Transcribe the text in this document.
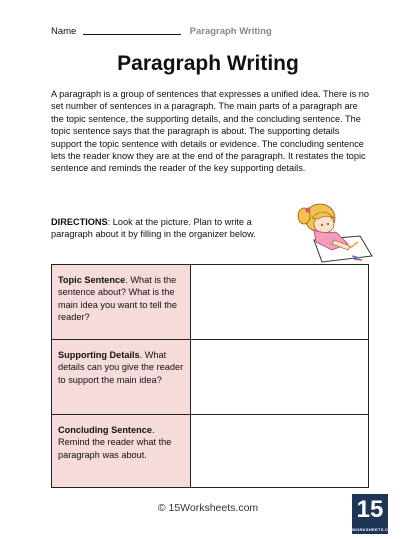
Name	Paragraph Writing
Paragraph Writing
A paragraph is a group of sentences that expresses a unified idea. There is no set number of sentences in a paragraph. The main parts of a paragraph are the topic sentence, the supporting details, and the concluding sentence. The topic sentence says that the paragraph is about. The supporting details support the topic sentence with details or evidence. The concluding sentence lets the reader know they are at the end of the paragraph. It restates the topic sentence and reminds the reader of the key supporting details.
DIRECTIONS: Look at the picture. Plan to write a paragraph about it by filling in the organizer below.
Topic Sentence. What is the sentence about? What is the main idea you want to tell the reader?	
Supporting Details. What details can you give the reader to support the main idea?	
Concluding Sentence. Remind the reader what the paragraph was about.	
© 15Worksheets.com	15
WORKSHEETS.COM
